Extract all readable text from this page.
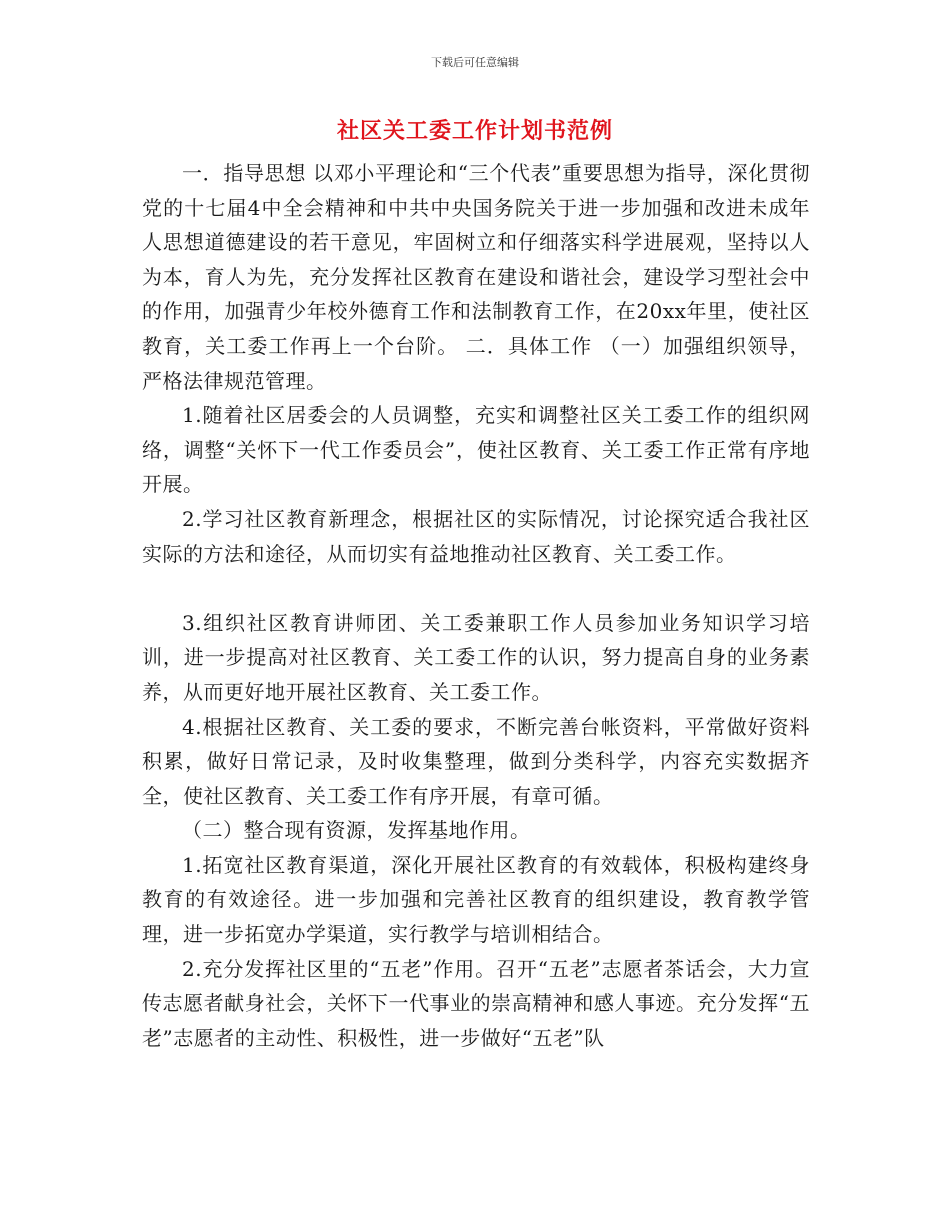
下载后可任意编辑
社区关工委工作计划书范例

一．指导思想 以邓小平理论和“三个代表”重要思想为指导，深化贯彻党的十七届4中全会精神和中共中央国务院关于进一步加强和改进未成年人思想道德建设的若干意见，牢固树立和仔细落实科学进展观，坚持以人为本，育人为先，充分发挥社区教育在建设和谐社会，建设学习型社会中的作用，加强青少年校外德育工作和法制教育工作，在20xx年里，使社区教育，关工委工作再上一个台阶。 二．具体工作 （一）加强组织领导，严格法律规范管理。

1.随着社区居委会的人员调整，充实和调整社区关工委工作的组织网络，调整“关怀下一代工作委员会”，使社区教育、关工委工作正常有序地开展。

2.学习社区教育新理念，根据社区的实际情况，讨论探究适合我社区实际的方法和途径，从而切实有益地推动社区教育、关工委工作。

3.组织社区教育讲师团、关工委兼职工作人员参加业务知识学习培训，进一步提高对社区教育、关工委工作的认识，努力提高自身的业务素养，从而更好地开展社区教育、关工委工作。

4.根据社区教育、关工委的要求，不断完善台帐资料，平常做好资料积累，做好日常记录，及时收集整理，做到分类科学，内容充实数据齐全，使社区教育、关工委工作有序开展，有章可循。

（二）整合现有资源，发挥基地作用。

1.拓宽社区教育渠道，深化开展社区教育的有效载体，积极构建终身教育的有效途径。进一步加强和完善社区教育的组织建设，教育教学管理，进一步拓宽办学渠道，实行教学与培训相结合。

2.充分发挥社区里的“五老”作用。召开“五老”志愿者茶话会，大力宣传志愿者献身社会，关怀下一代事业的崇高精神和感人事迹。充分发挥“五老”志愿者的主动性、积极性，进一步做好“五老”队
